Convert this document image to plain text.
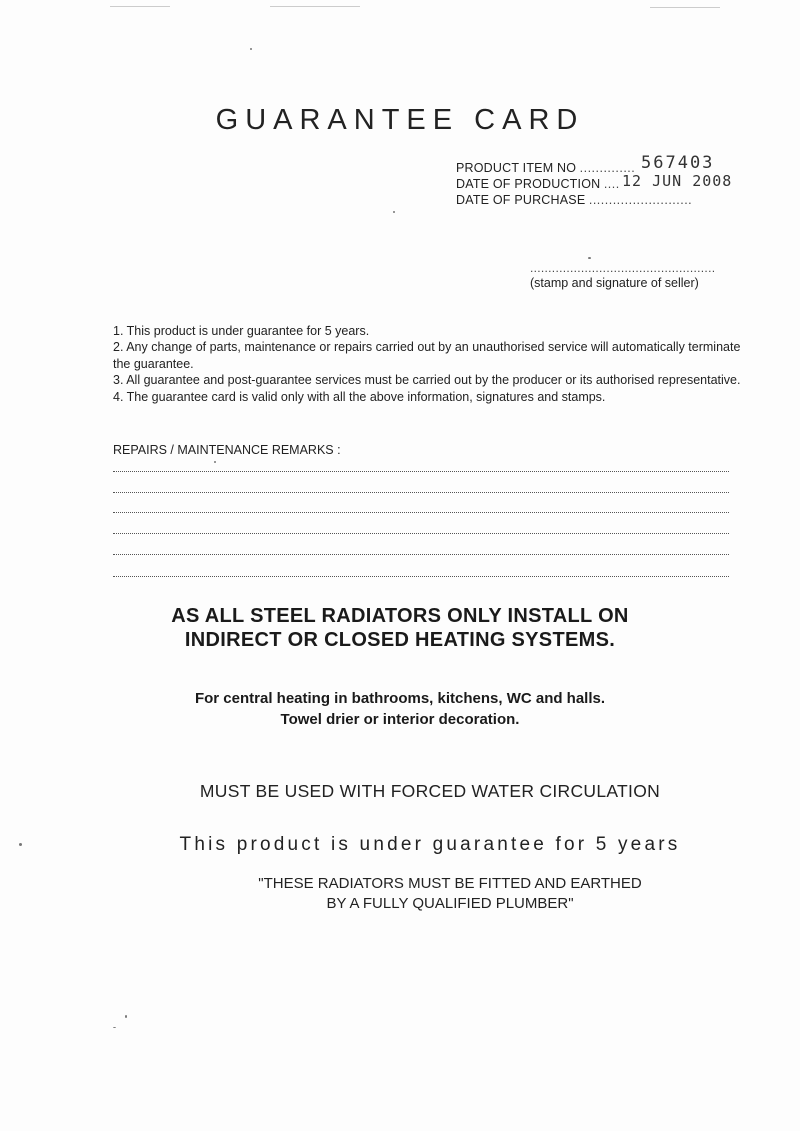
GUARANTEE CARD
PRODUCT ITEM NO .............. 567403
DATE OF PRODUCTION .... 12 JUN 2008
DATE OF PURCHASE ..........................
...................................................
(stamp and signature of seller)
1. This product is under guarantee for 5 years.
2. Any change of parts, maintenance or repairs carried out by an unauthorised service will automatically terminate the guarantee.
3. All guarantee and post-guarantee services must be carried out by the producer or its authorised representative.
4. The guarantee card is valid only with all the above information, signatures and stamps.
REPAIRS / MAINTENANCE REMARKS :
AS ALL STEEL RADIATORS ONLY INSTALL ON
INDIRECT OR CLOSED HEATING SYSTEMS.
For central heating in bathrooms, kitchens, WC and halls.
Towel drier or interior decoration.
MUST BE USED WITH FORCED WATER CIRCULATION
This product is under guarantee for 5 years
"THESE RADIATORS MUST BE FITTED AND EARTHED
BY A FULLY QUALIFIED PLUMBER"
